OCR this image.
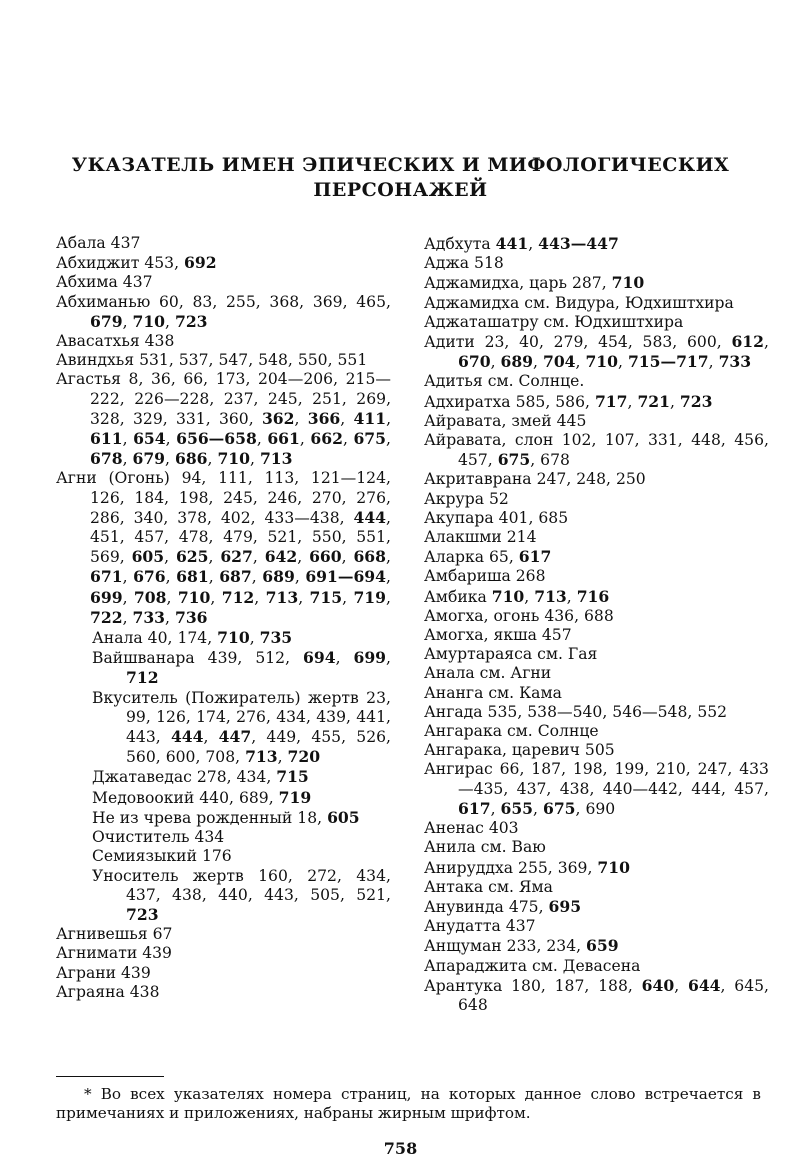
УКАЗАТЕЛЬ ИМЕН ЭПИЧЕСКИХ И МИФОЛОГИЧЕСКИХ
ПЕРСОНАЖЕЙ
Абала 437
Абхиджит 453, 692
Абхима 437
Абхиманью 60, 83, 255, 368, 369, 465, 679, 710, 723
Авасатхья 438
Авиндхья 531, 537, 547, 548, 550, 551
Агастья 8, 36, 66, 173, 204—206, 215—222, 226—228, 237, 245, 251, 269, 328, 329, 331, 360, 362, 366, 411, 611, 654, 656—658, 661, 662, 675, 678, 679, 686, 710, 713
Агни (Огонь) 94, 111, 113, 121—124, 126, 184, 198, 245, 246, 270, 276, 286, 340, 378, 402, 433—438, 444, 451, 457, 478, 479, 521, 550, 551, 569, 605, 625, 627, 642, 660, 668, 671, 676, 681, 687, 689, 691—694, 699, 708, 710, 712, 713, 715, 719, 722, 733, 736
Анала 40, 174, 710, 735
Вайшванара 439, 512, 694, 699, 712
Вкуситель (Пожиратель) жертв 23, 99, 126, 174, 276, 434, 439, 441, 443, 444, 447, 449, 455, 526, 560, 600, 708, 713, 720
Джатаведас 278, 434, 715
Медовоокий 440, 689, 719
Не из чрева рожденный 18, 605
Очиститель 434
Семиязыкий 176
Уноситель жертв 160, 272, 434, 437, 438, 440, 443, 505, 521, 723
Агнивешья 67
Агнимати 439
Аграни 439
Аграяна 438
Адбхута 441, 443—447
Аджа 518
Аджамидха, царь 287, 710
Аджамидха см. Видура, Юдхиштхира
Аджаташатру см. Юдхиштхира
Адити 23, 40, 279, 454, 583, 600, 612, 670, 689, 704, 710, 715—717, 733
Адитья см. Солнце.
Адхиратха 585, 586, 717, 721, 723
Айравата, змей 445
Айравата, слон 102, 107, 331, 448, 456, 457, 675, 678
Акритаврана 247, 248, 250
Акрура 52
Акупара 401, 685
Алакшми 214
Аларка 65, 617
Амбариша 268
Амбика 710, 713, 716
Амогха, огонь 436, 688
Амогха, якша 457
Амуртараяса см. Гая
Анала см. Агни
Ананга см. Кама
Ангада 535, 538—540, 546—548, 552
Ангарака см. Солнце
Ангарака, царевич 505
Ангирас 66, 187, 198, 199, 210, 247, 433—435, 437, 438, 440—442, 444, 457, 617, 655, 675, 690
Аненас 403
Анила см. Ваю
Анируддха 255, 369, 710
Антака см. Яма
Анувинда 475, 695
Анудатта 437
Анщуман 233, 234, 659
Апараджита см. Девасена
Арантука 180, 187, 188, 640, 644, 645, 648
* Во всех указателях номера страниц, на которых данное слово встречается в примечаниях и приложениях, набраны жирным шрифтом.
758
